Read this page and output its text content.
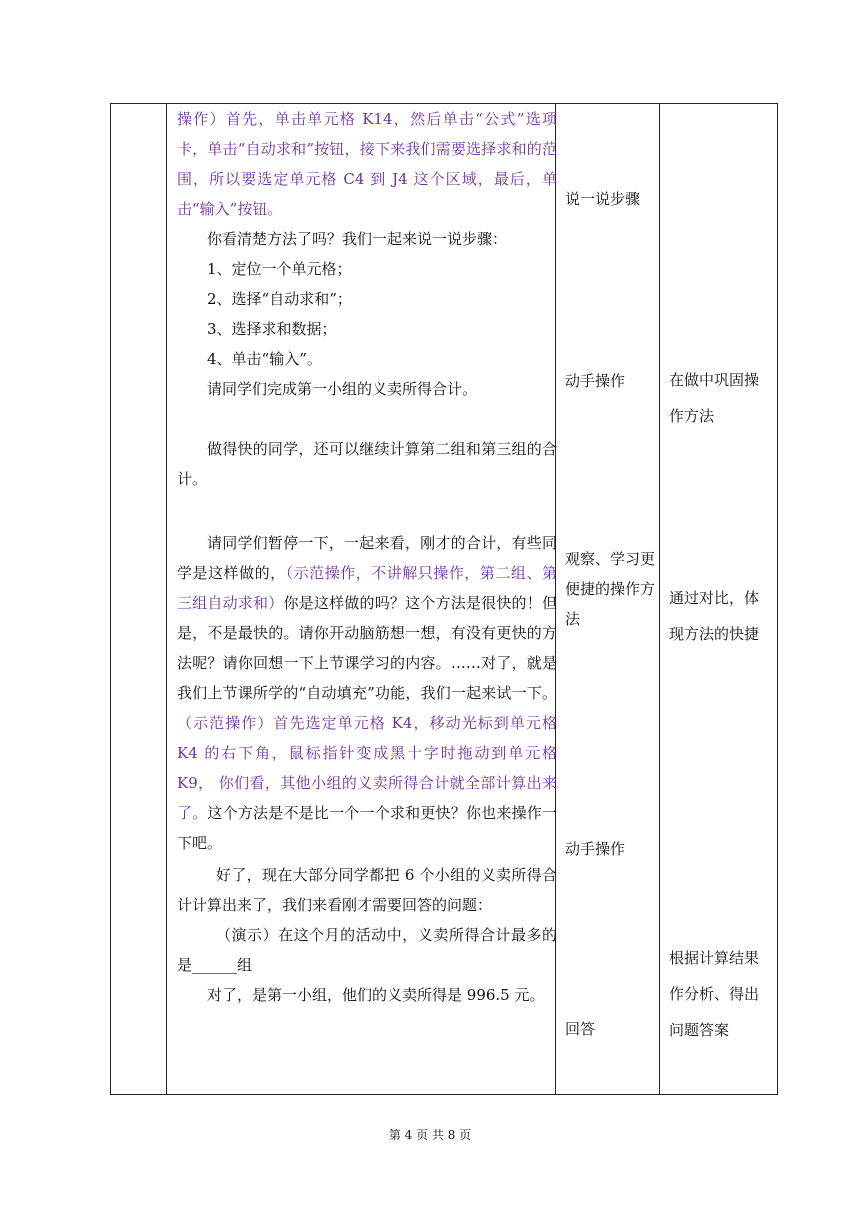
操作）首先，单击单元格 K14，然后单击“公式”选项卡，单击“自动求和”按钮，接下来我们需要选择求和的范围，所以要选定单元格 C4 到 J4 这个区域，最后，单击“输入”按钮。

你看清楚方法了吗？我们一起来说一说步骤：

1、定位一个单元格；

2、选择“自动求和”；

3、选择求和数据；

4、单击“输入”。

请同学们完成第一小组的义卖所得合计。

做得快的同学，还可以继续计算第二组和第三组的合计。

请同学们暂停一下，一起来看，刚才的合计，有些同学是这样做的，（示范操作，不讲解只操作，第二组、第三组自动求和）你是这样做的吗？这个方法是很快的！但是，不是最快的。请你开动脑筋想一想，有没有更快的方法呢？请你回想一下上节课学习的内容。……对了，就是我们上节课所学的“自动填充”功能，我们一起来试一下。（示范操作）首先选定单元格 K4，移动光标到单元格 K4 的右下角，鼠标指针变成黑十字时拖动到单元格 K9， 你们看，其他小组的义卖所得合计就全部计算出来了。这个方法是不是比一个一个求和更快？你也来操作一下吧。

好了，现在大部分同学都把 6 个小组的义卖所得合计计算出来了，我们来看刚才需要回答的问题：

（演示）在这个月的活动中，义卖所得合计最多的是______组

对了，是第一小组，他们的义卖所得是 996.5 元。

说一说步骤
动手操作
观察、学习更便捷的操作方法
动手操作
回答
在做中巩固操作方法
通过对比，体现方法的快捷
根据计算结果作分析、得出问题答案
第 4 页 共 8 页
